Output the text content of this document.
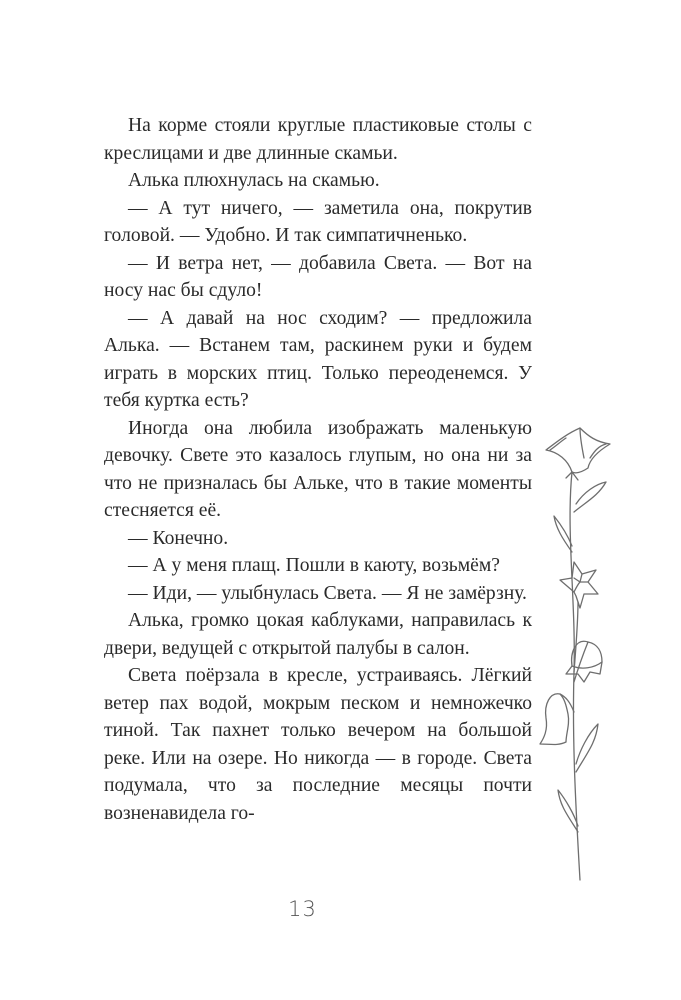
На корме стояли круглые пластиковые столы с креслицами и две длинные скамьи.

Алька плюхнулась на скамью.

— А тут ничего, — заметила она, покрутив головой. — Удобно. И так симпатичненько.

— И ветра нет, — добавила Света. — Вот на носу нас бы сдуло!

— А давай на нос сходим? — предложила Алька. — Встанем там, раскинем руки и будем играть в морских птиц. Только переоденемся. У тебя куртка есть?

Иногда она любила изображать маленькую девочку. Свете это казалось глупым, но она ни за что не призналась бы Альке, что в такие моменты стесняется её.

— Конечно.

— А у меня плащ. Пошли в каюту, возьмём?

— Иди, — улыбнулась Света. — Я не замёрзну.

Алька, громко цокая каблуками, направилась к двери, ведущей с открытой палубы в салон.

Света поёрзала в кресле, устраиваясь. Лёгкий ветер пах водой, мокрым песком и немножечко тиной. Так пахнет только вечером на большой реке. Или на озере. Но никогда — в городе. Света подумала, что за последние месяцы почти возненавидела го-

13
